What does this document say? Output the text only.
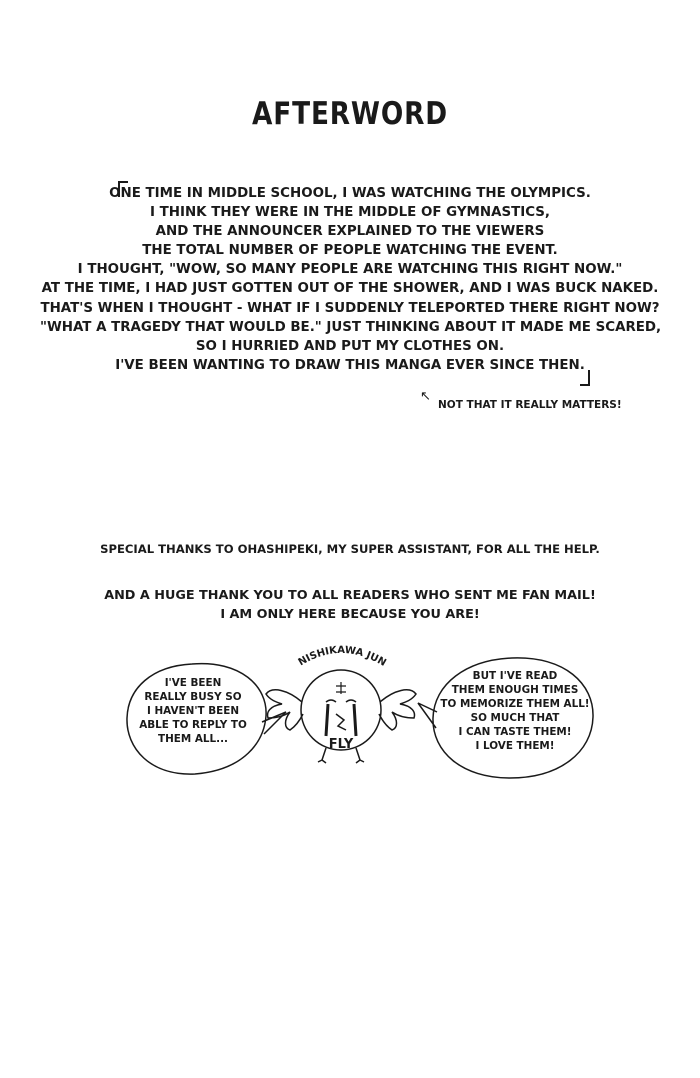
AFTERWORD
ONE TIME IN MIDDLE SCHOOL, I WAS WATCHING THE OLYMPICS.
I THINK THEY WERE IN THE MIDDLE OF GYMNASTICS,
AND THE ANNOUNCER EXPLAINED TO THE VIEWERS
THE TOTAL NUMBER OF PEOPLE WATCHING THE EVENT.
I THOUGHT, "WOW, SO MANY PEOPLE ARE WATCHING THIS RIGHT NOW."
AT THE TIME, I HAD JUST GOTTEN OUT OF THE SHOWER, AND I WAS BUCK NAKED.
THAT'S WHEN I THOUGHT - WHAT IF I SUDDENLY TELEPORTED THERE RIGHT NOW?
"WHAT A TRAGEDY THAT WOULD BE." JUST THINKING ABOUT IT MADE ME SCARED,
SO I HURRIED AND PUT MY CLOTHES ON.
I'VE BEEN WANTING TO DRAW THIS MANGA EVER SINCE THEN.
↖
NOT THAT IT REALLY MATTERS!
SPECIAL THANKS TO OHASHIPEKI, MY SUPER ASSISTANT, FOR ALL THE HELP.
AND A HUGE THANK YOU TO ALL READERS WHO SENT ME FAN MAIL!
I AM ONLY HERE BECAUSE YOU ARE!
NISHIKAWA JUN
FLY
I'VE BEEN
REALLY BUSY SO
I HAVEN'T BEEN
ABLE TO REPLY TO
THEM ALL...
BUT I'VE READ
THEM ENOUGH TIMES
TO MEMORIZE THEM ALL!
SO MUCH THAT
I CAN TASTE THEM!
I LOVE THEM!
